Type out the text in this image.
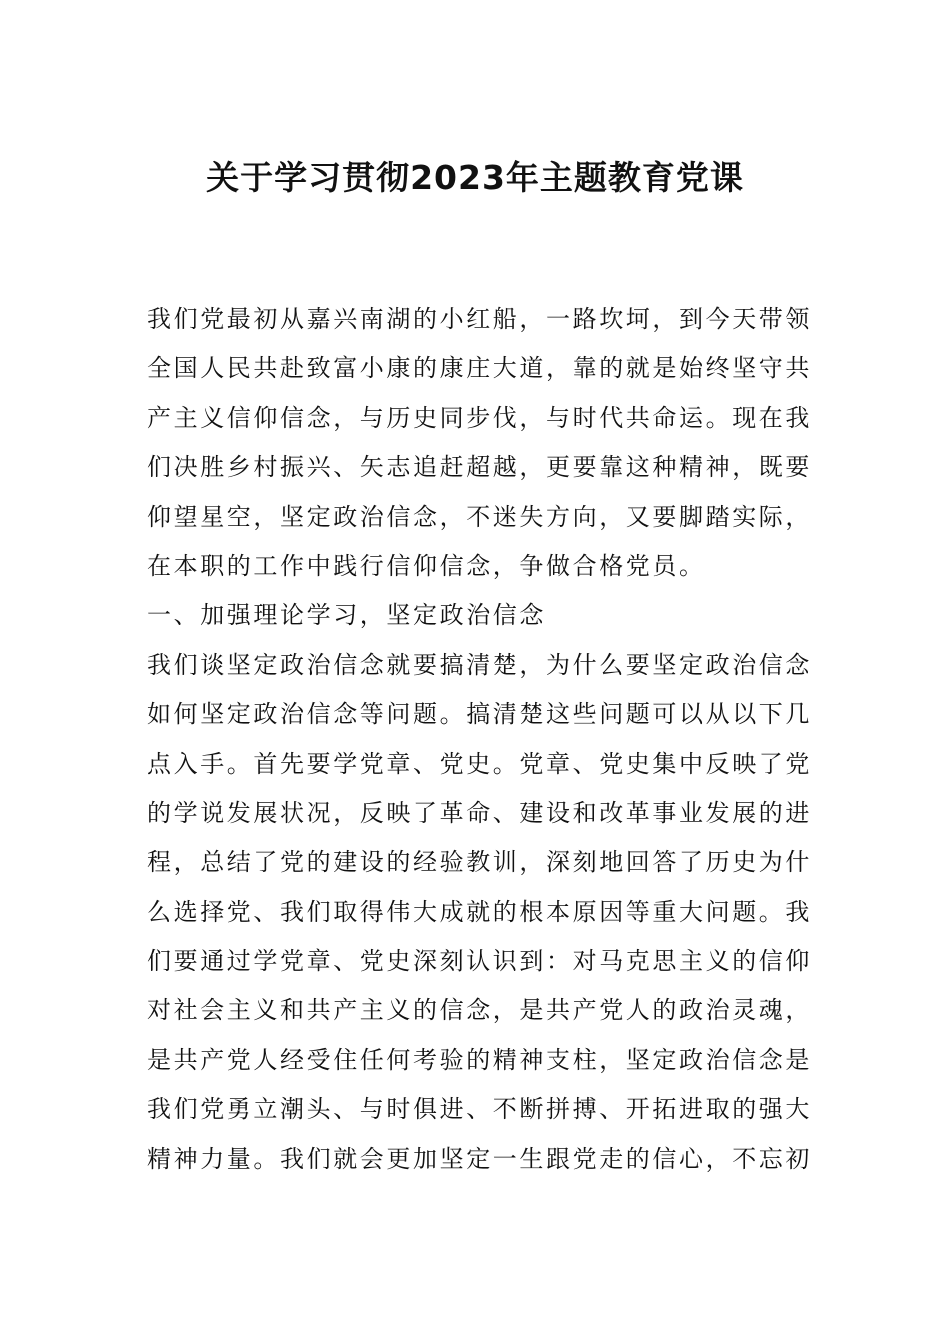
关于学习贯彻2023年主题教育党课
我们党最初从嘉兴南湖的小红船，一路坎坷，到今天带领
全国人民共赴致富小康的康庄大道，靠的就是始终坚守共
产主义信仰信念，与历史同步伐，与时代共命运。现在我
们决胜乡村振兴、矢志追赶超越，更要靠这种精神，既要
仰望星空，坚定政治信念，不迷失方向，又要脚踏实际，
在本职的工作中践行信仰信念，争做合格党员。
一、加强理论学习，坚定政治信念
我们谈坚定政治信念就要搞清楚，为什么要坚定政治信念
如何坚定政治信念等问题。搞清楚这些问题可以从以下几
点入手。首先要学党章、党史。党章、党史集中反映了党
的学说发展状况，反映了革命、建设和改革事业发展的进
程，总结了党的建设的经验教训，深刻地回答了历史为什
么选择党、我们取得伟大成就的根本原因等重大问题。我
们要通过学党章、党史深刻认识到：对马克思主义的信仰
对社会主义和共产主义的信念，是共产党人的政治灵魂，
是共产党人经受住任何考验的精神支柱，坚定政治信念是
我们党勇立潮头、与时俱进、不断拼搏、开拓进取的强大
精神力量。我们就会更加坚定一生跟党走的信心，不忘初
